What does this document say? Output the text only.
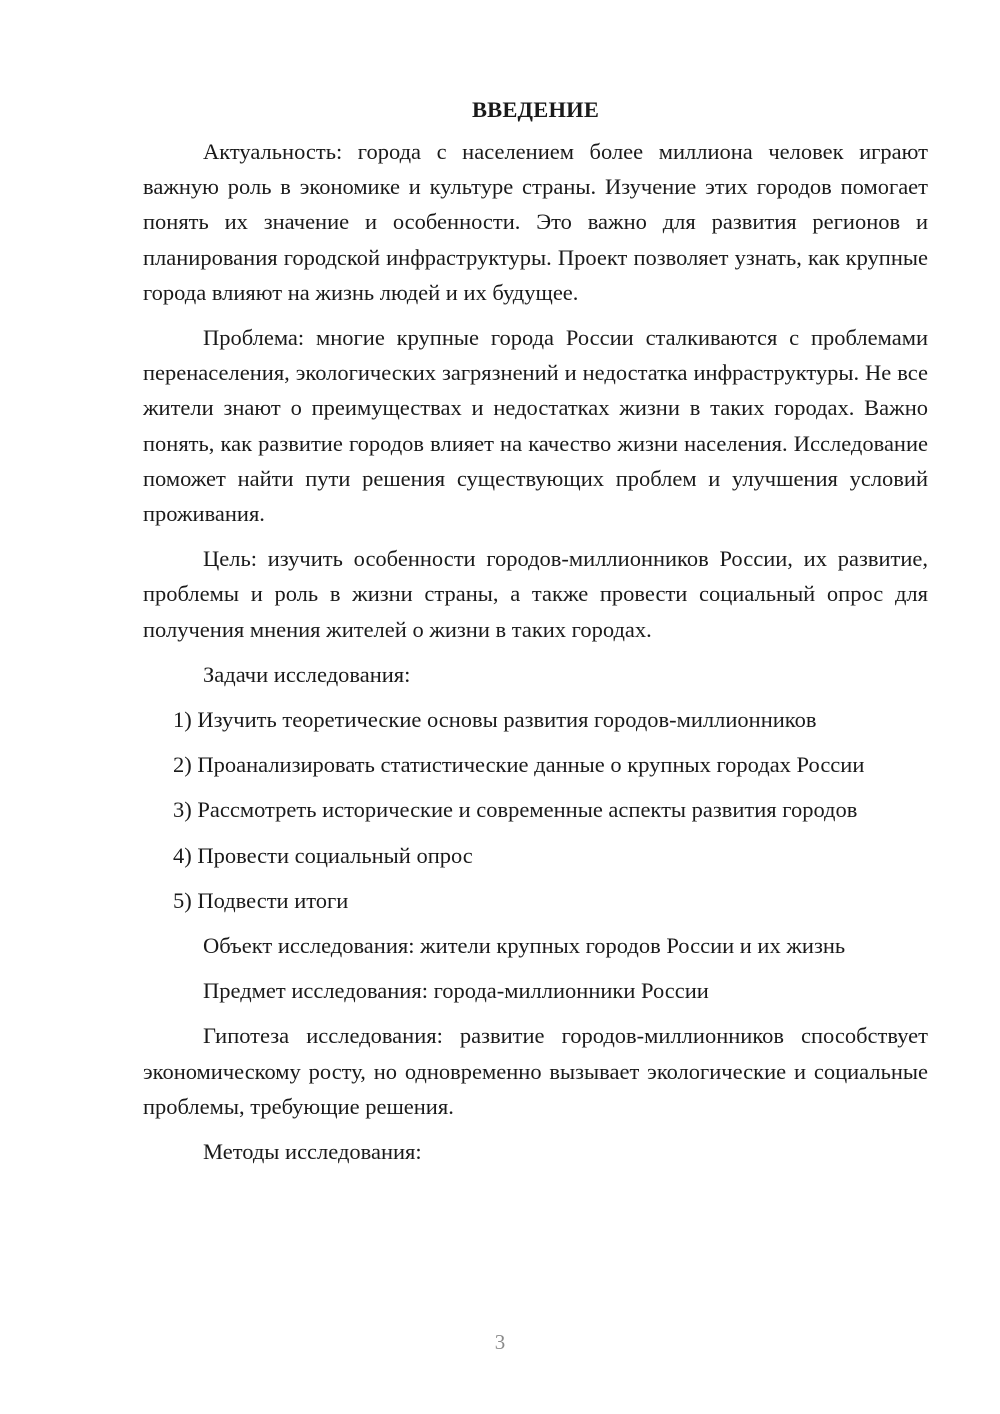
ВВЕДЕНИЕ

Актуальность: города с населением более миллиона человек играют важную роль в экономике и культуре страны. Изучение этих городов помогает понять их значение и особенности. Это важно для развития регионов и планирования городской инфраструктуры. Проект позволяет узнать, как крупные города влияют на жизнь людей и их будущее.

Проблема: многие крупные города России сталкиваются с проблемами перенаселения, экологических загрязнений и недостатка инфраструктуры. Не все жители знают о преимуществах и недостатках жизни в таких городах. Важно понять, как развитие городов влияет на качество жизни населения. Исследование поможет найти пути решения существующих проблем и улучшения условий проживания.

Цель: изучить особенности городов-миллионников России, их развитие, проблемы и роль в жизни страны, а также провести социальный опрос для получения мнения жителей о жизни в таких городах.

Задачи исследования:

1) Изучить теоретические основы развития городов-миллионников

2) Проанализировать статистические данные о крупных городах России

3) Рассмотреть исторические и современные аспекты развития городов

4) Провести социальный опрос

5) Подвести итоги

Объект исследования: жители крупных городов России и их жизнь

Предмет исследования: города-миллионники России

Гипотеза исследования: развитие городов-миллионников способствует экономическому росту, но одновременно вызывает экологические и социальные проблемы, требующие решения.

Методы исследования:

3
